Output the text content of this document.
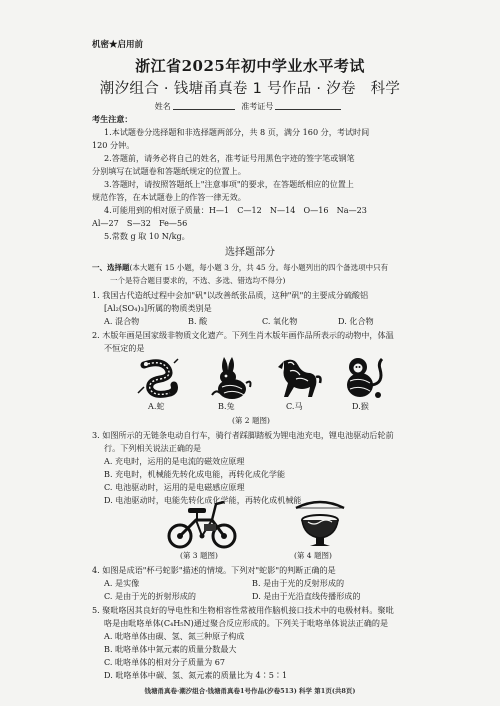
机密★启用前
浙江省2025年初中学业水平考试
潮汐组合 · 钱塘甬真卷 1 号作品 · 汐卷　科学
姓名	准考证号
考生注意：
1.本试题卷分选择题和非选择题两部分，共 8 页，满分 160 分，考试时间
120 分钟。
2.答题前，请务必将自己的姓名，准考证号用黑色字迹的签字笔或钢笔
分别填写在试题卷和答题纸规定的位置上。
3.答题时，请按照答题纸上"注意事项"的要求，在答题纸相应的位置上
规范作答，在本试题卷上的作答一律无效。
4.可能用到的相对原子质量：H—1　C—12　N—14　O—16　Na—23
Al—27　S—32　Fe—56
5.常数 g 取 10 N/kg。
选择题部分
一、选择题(本大题有 15 小题，每小题 3 分，共 45 分。每小题列出的四个备选项中只有
一个是符合题目要求的，不选、多选、错选均不得分)
1. 我国古代造纸过程中会加"矾"以改善纸张品质，这种"矾"的主要成分硫酸铝
[Al₂(SO₄)₃]所属的物质类别是
A. 混合物	B. 酸	C. 氧化物	D. 化合物
2. 木版年画是国家级非物质文化遗产。下列生肖木版年画作品所表示的动物中，体温
不恒定的是
A.蛇	B.兔	C.马	D.猴
(第 2 题图)
3. 如图所示的无链条电动自行车，骑行者踩脚踏板为锂电池充电，锂电池驱动后轮前
行。下列相关说法正确的是
A. 充电时，运用的是电流的磁效应原理
B. 充电时，机械能先转化成电能，再转化成化学能
C. 电池驱动时，运用的是电磁感应原理
D. 电池驱动时，电能先转化成化学能，再转化成机械能
(第 3 题图)	(第 4 题图)
4. 如图是成语"杯弓蛇影"描述的情境。下列对"蛇影"的判断正确的是
A. 是实像	B. 是由于光的反射形成的
C. 是由于光的折射形成的	D. 是由于光沿直线传播形成的
5. 聚吡咯因其良好的导电性和生物相容性常被用作脑机接口技术中的电极材料。聚吡
咯是由吡咯单体(C₄H₅N)通过聚合反应形成的。下列关于吡咯单体说法正确的是
A. 吡咯单体由碳、氢、氮三种原子构成
B. 吡咯单体中氮元素的质量分数最大
C. 吡咯单体的相对分子质量为 67
D. 吡咯单体中碳、氢、氮元素的质量比为 4∶5∶1
钱塘甬真卷·潮汐组合·钱塘甬真卷1号作品(汐卷513) 科学 第1页(共8页)
